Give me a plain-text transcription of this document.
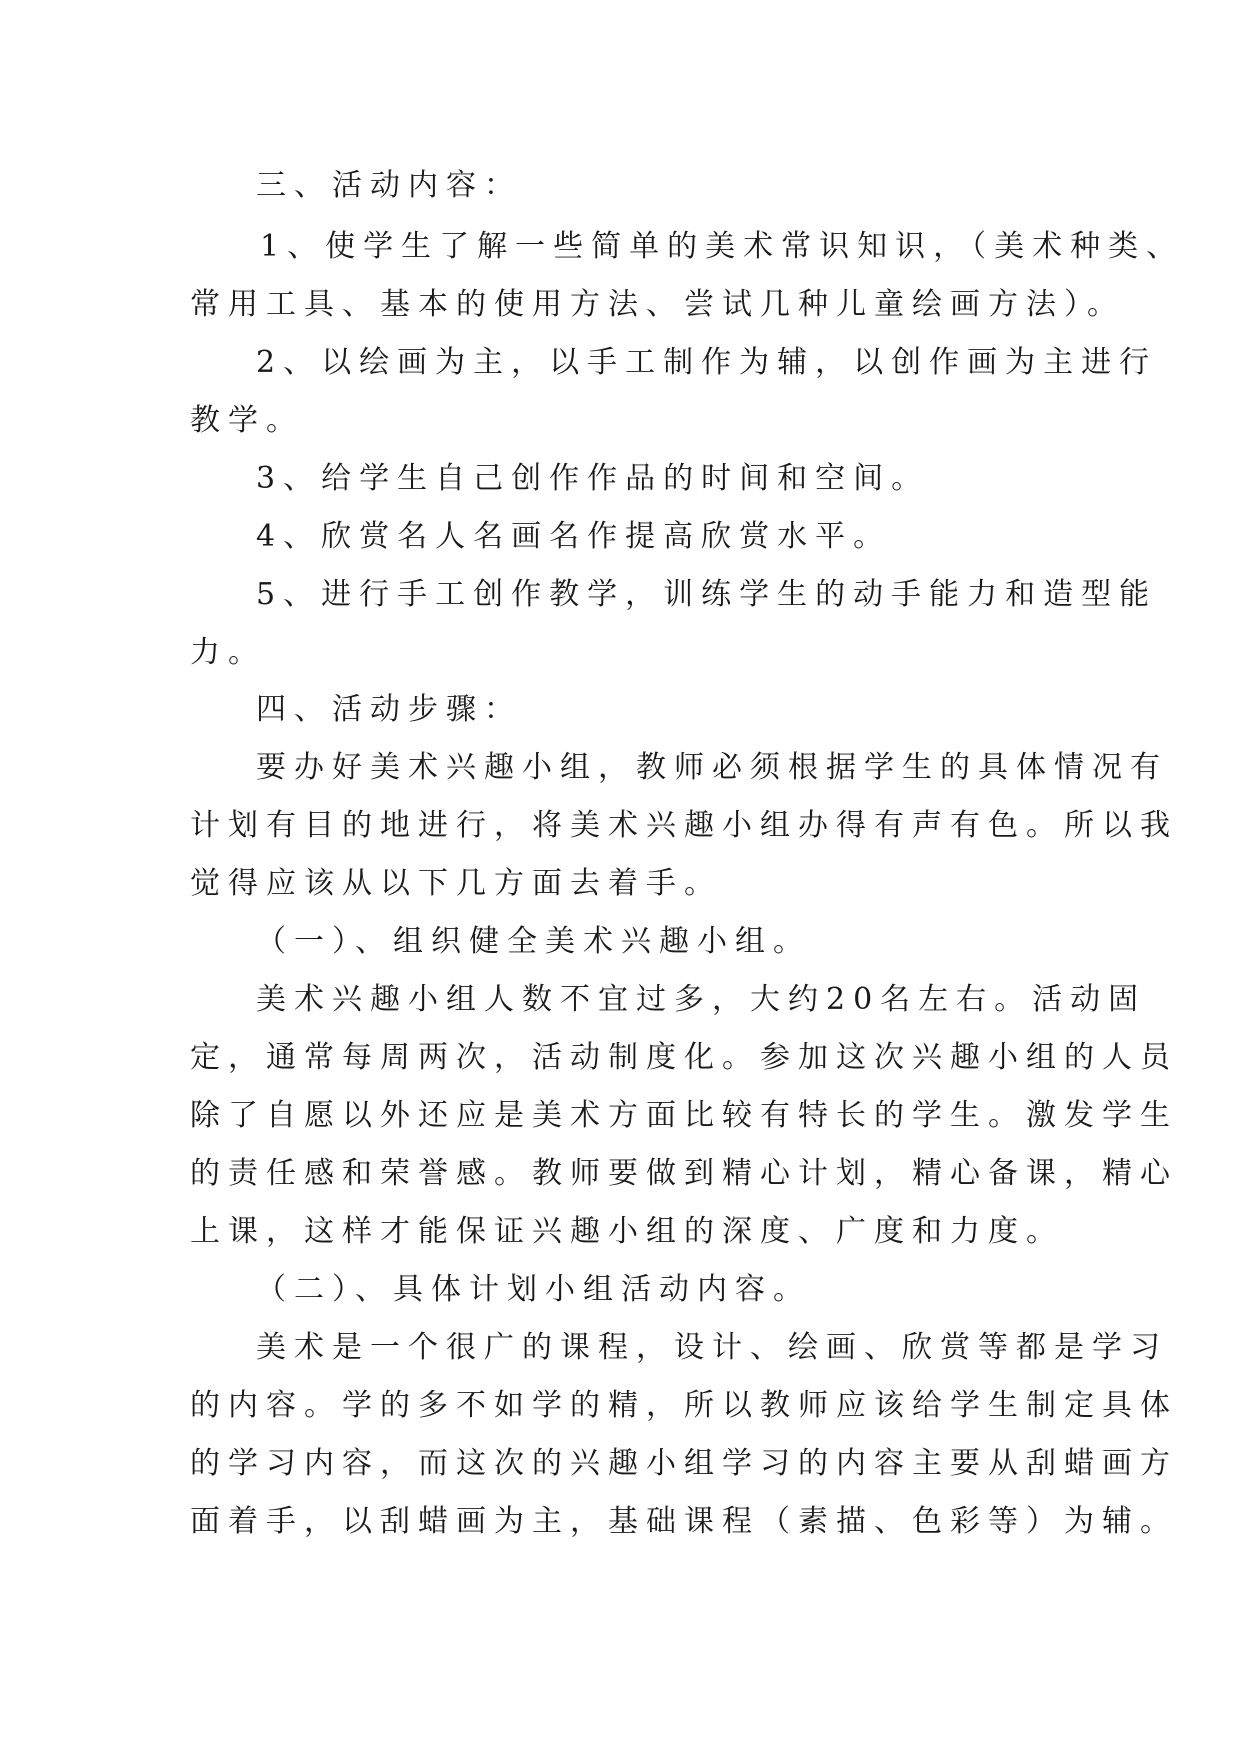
三、活动内容：

1、使学生了解一些简单的美术常识知识，（美术种类、

常用工具、基本的使用方法、尝试几种儿童绘画方法）。

2、以绘画为主，以手工制作为辅，以创作画为主进行

教学。

3、给学生自己创作作品的时间和空间。

4、欣赏名人名画名作提高欣赏水平。

5、进行手工创作教学，训练学生的动手能力和造型能

力。

四、活动步骤：

要办好美术兴趣小组，教师必须根据学生的具体情况有

计划有目的地进行，将美术兴趣小组办得有声有色。所以我

觉得应该从以下几方面去着手。

（一）、组织健全美术兴趣小组。

美术兴趣小组人数不宜过多，大约20名左右。活动固

定，通常每周两次，活动制度化。参加这次兴趣小组的人员

除了自愿以外还应是美术方面比较有特长的学生。激发学生

的责任感和荣誉感。教师要做到精心计划，精心备课，精心

上课，这样才能保证兴趣小组的深度、广度和力度。

（二）、具体计划小组活动内容。

美术是一个很广的课程，设计、绘画、欣赏等都是学习

的内容。学的多不如学的精，所以教师应该给学生制定具体

的学习内容，而这次的兴趣小组学习的内容主要从刮蜡画方

面着手，以刮蜡画为主，基础课程（素描、色彩等）为辅。
